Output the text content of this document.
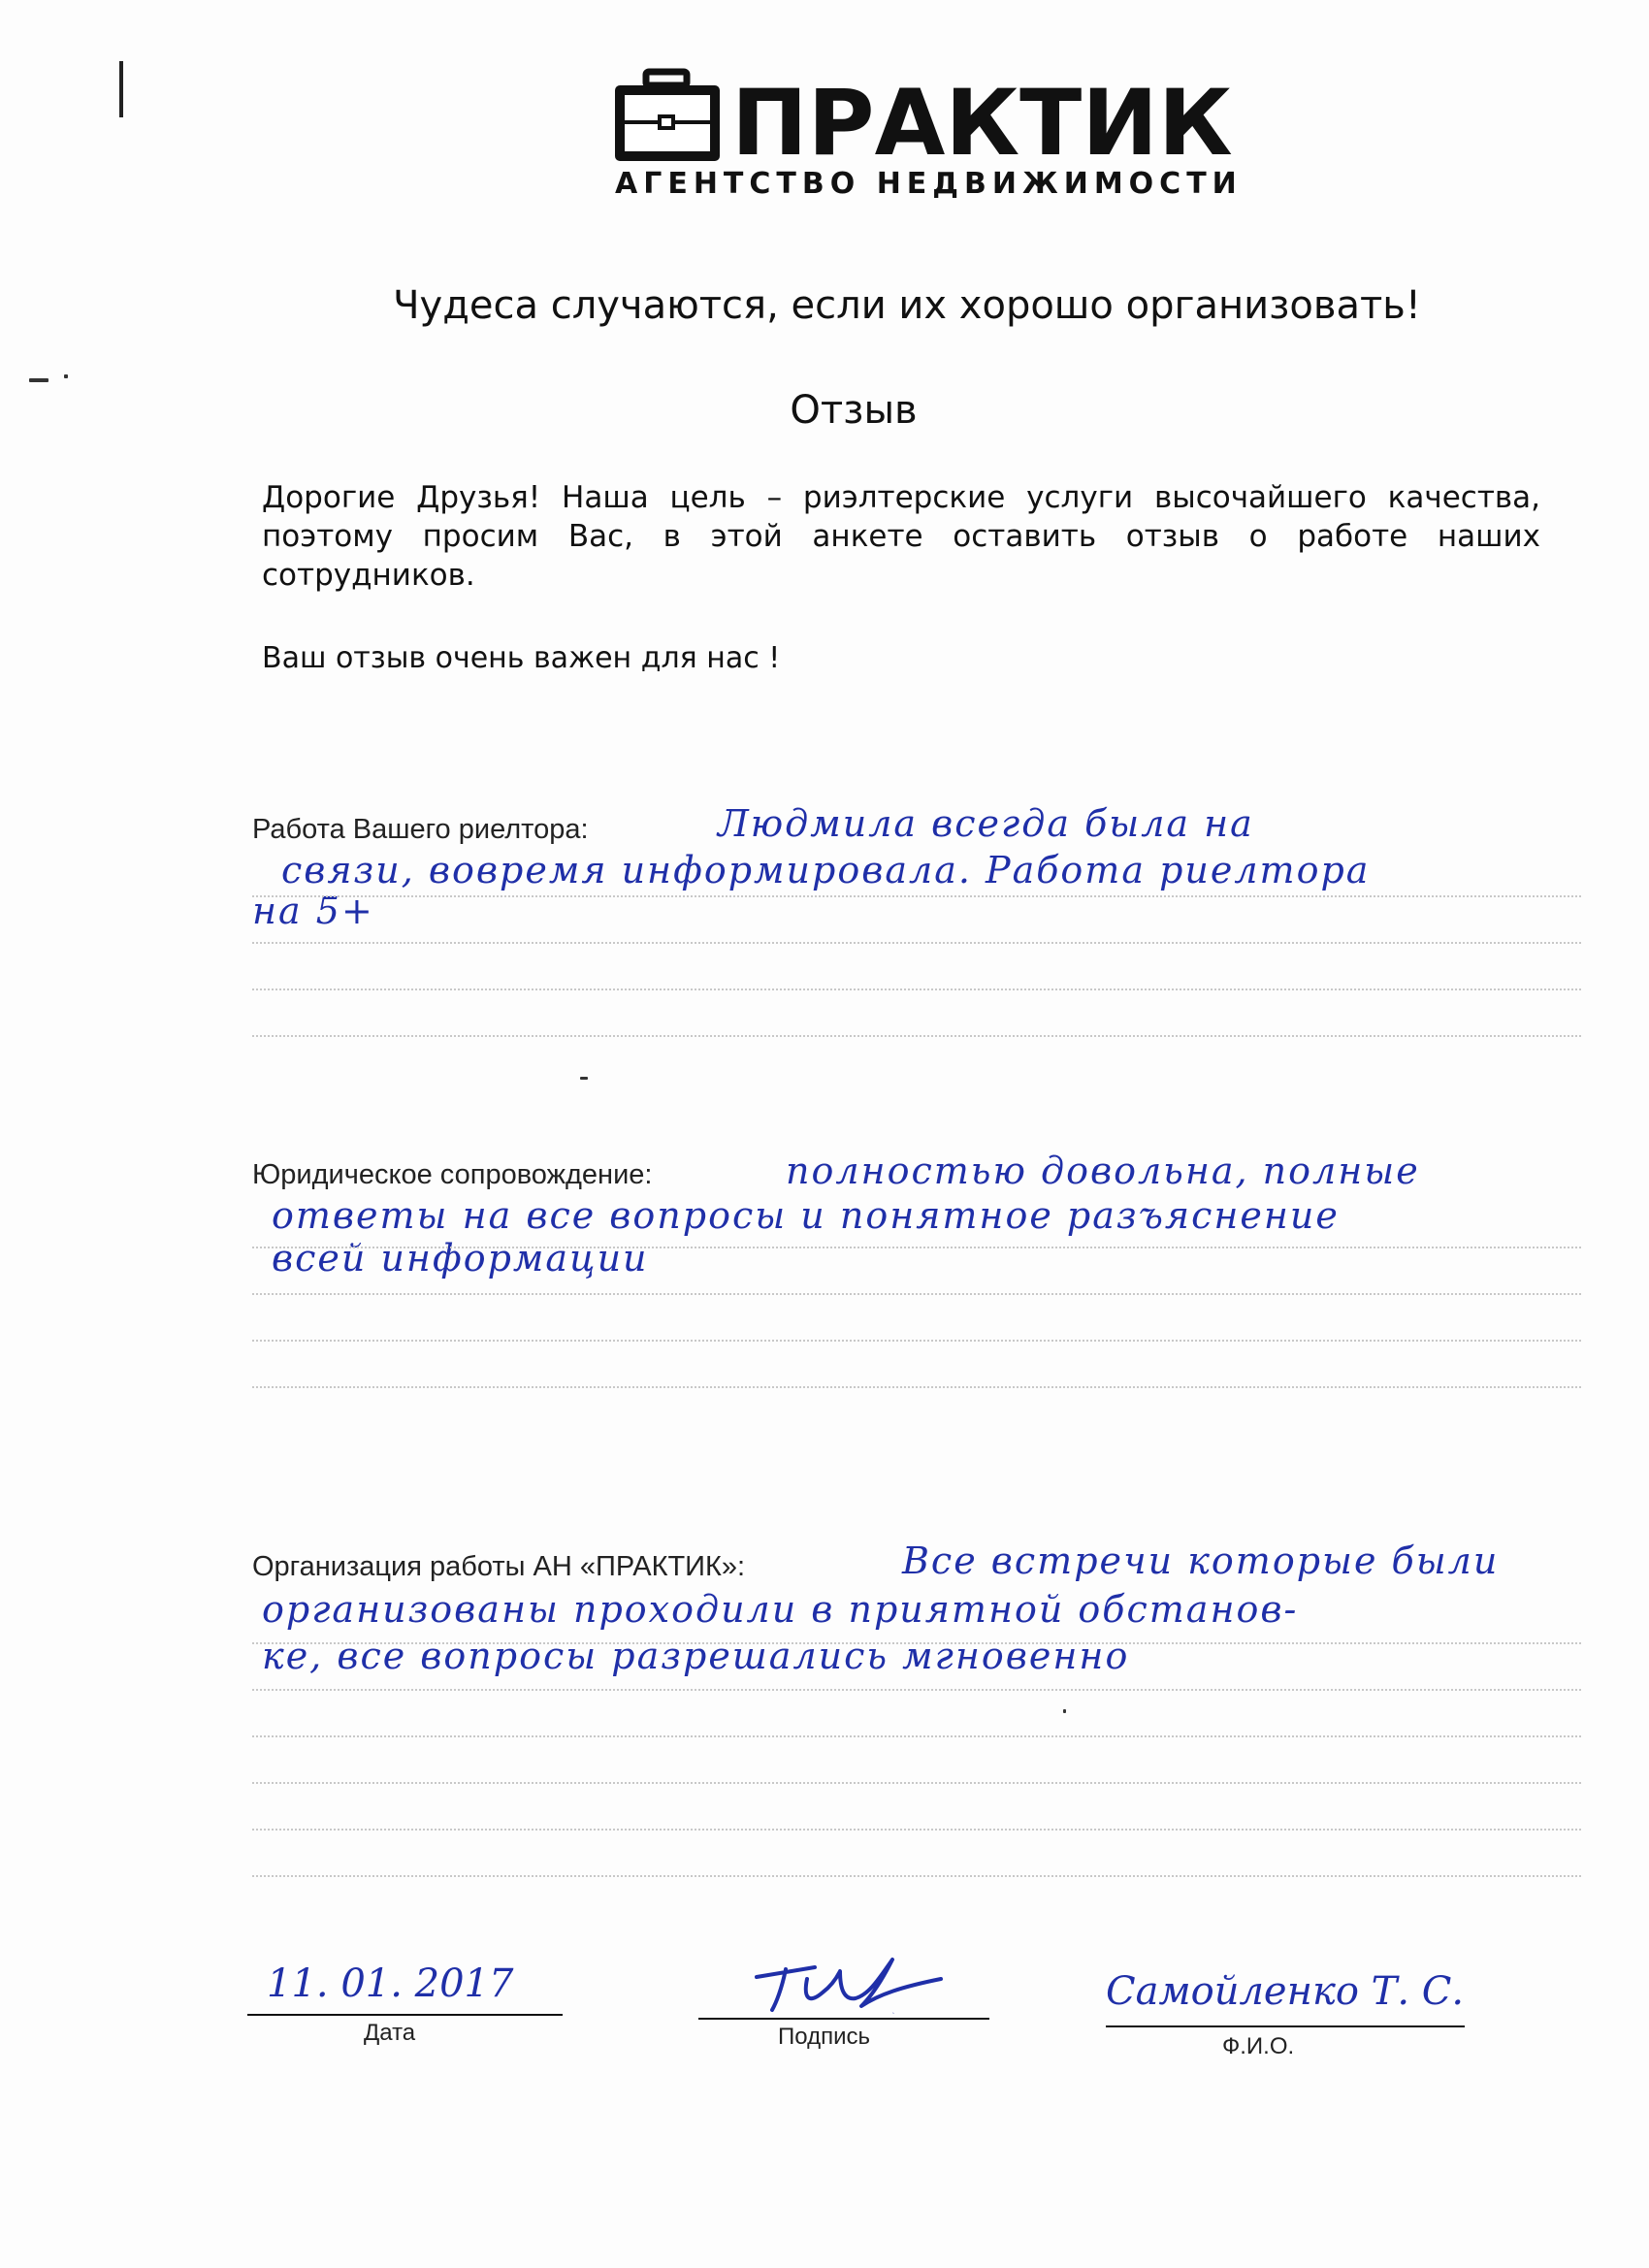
ПРАКТИК
АГЕНТСТВО НЕДВИЖИМОСТИ
Чудеса случаются, если их хорошо организовать!
Отзыв
Дорогие Друзья! Наша цель – риэлтерские услуги высочайшего качества, поэтому просим Вас, в этой анкете оставить отзыв о работе наших сотрудников.
Ваш отзыв очень важен для нас !
Работа Вашего риелтора:	Людмила всегда была на
связи, вовремя информировала. Работа риелтора
на 5+
Юридическое сопровождение:	полностью довольна, полные
ответы на все вопросы и понятное разъяснение
всей информации
Организация работы АН «ПРАКТИК»:	Все встречи которые были
организованы проходили в приятной обстанов-
ке, все вопросы разрешались мгновенно
11. 01. 2017
Дата
Тс
Подпись
Самойленко Т. С.
Ф.И.О.
